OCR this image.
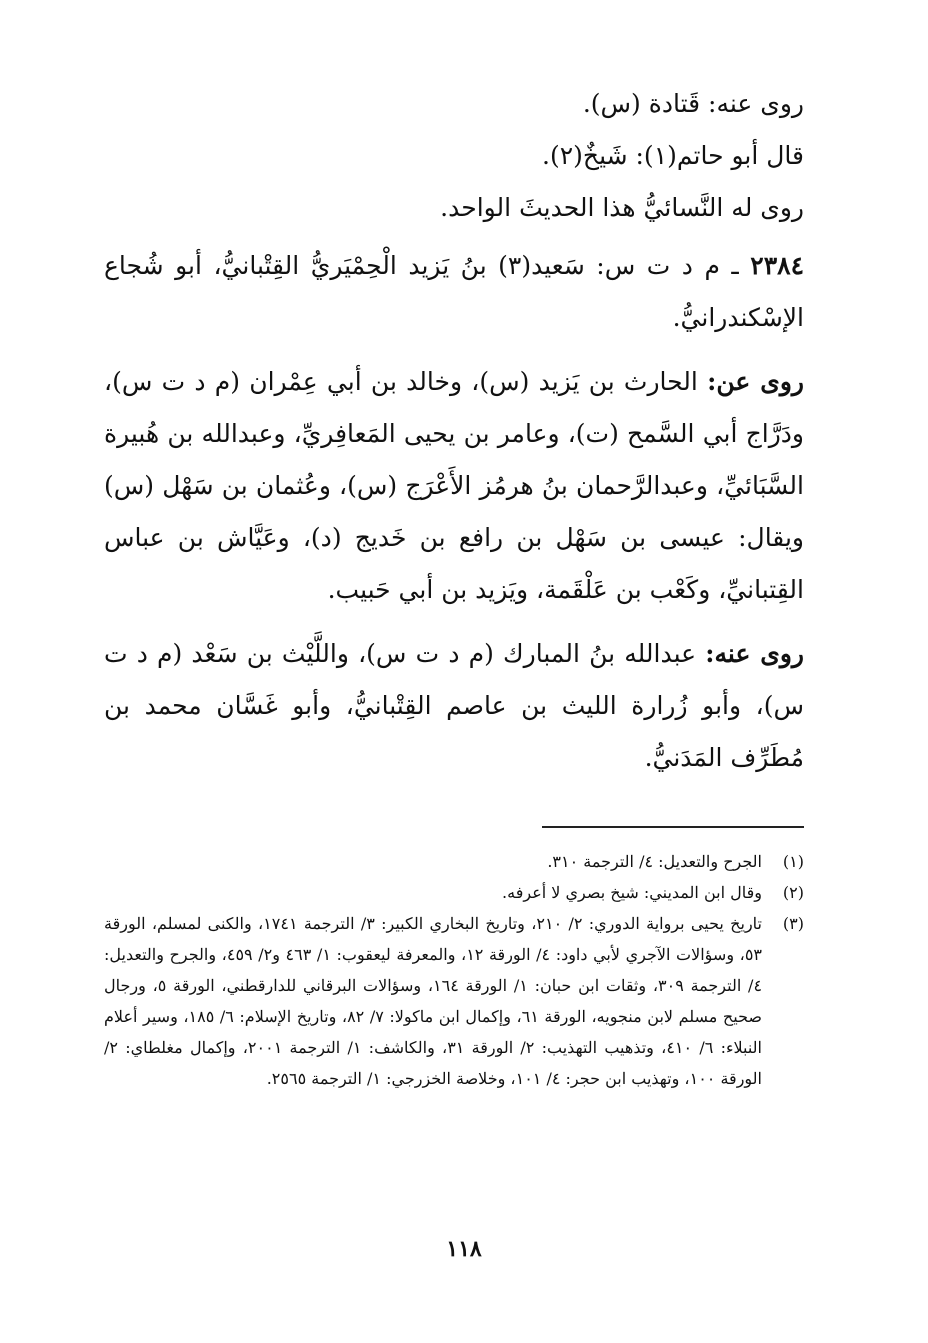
روى عنه: قَتادة (س).

قال أبو حاتم(١): شَيخٌ(٢).

روى له النَّسائيُّ هذا الحديثَ الواحد.

٢٣٨٤ ـ م د ت س: سَعيد(٣) بنُ يَزيد الْحِمْيَريُّ القِتْبانيُّ، أبو شُجاع الإسْكندرانيُّ.

روى عن: الحارث بن يَزيد (س)، وخالد بن أبي عِمْران (م د ت س)، ودَرَّاج أبي السَّمح (ت)، وعامر بن يحيى المَعافِريِّ، وعبدالله بن هُبيرة السَّبَائيِّ، وعبدالرَّحمان بنُ هرمُز الأَعْرَج (س)، وعُثمان بن سَهْل (س) ويقال: عيسى بن سَهْل بن رافع بن خَديج (د)، وعَيَّاش بن عباس القِتبانيِّ، وكَعْب بن عَلْقَمة، ويَزيد بن أبي حَبيب.

روى عنه: عبدالله بنُ المبارك (م د ت س)، واللَّيْث بن سَعْد (م د ت س)، وأبو زُرارة الليث بن عاصم القِتْبانيُّ، وأبو غَسَّان محمد بن مُطَرِّف المَدَنيُّ.

(١)
الجرح والتعديل: ٤/ الترجمة ٣١٠.
(٢)
وقال ابن المديني: شيخ بصري لا أعرفه.
(٣)
تاريخ يحيى برواية الدوري: ٢/ ٢١٠، وتاريخ البخاري الكبير: ٣/ الترجمة ١٧٤١، والكنى لمسلم، الورقة ٥٣، وسؤالات الآجري لأبي داود: ٤/ الورقة ١٢، والمعرفة ليعقوب: ١/ ٤٦٣ و٢/ ٤٥٩، والجرح والتعديل: ٤/ الترجمة ٣٠٩، وثقات ابن حبان: ١/ الورقة ١٦٤، وسؤالات البرقاني للدارقطني، الورقة ٥، ورجال صحيح مسلم لابن منجويه، الورقة ٦١، وإكمال ابن ماكولا: ٧/ ٨٢، وتاريخ الإسلام: ٦/ ١٨٥، وسير أعلام النبلاء: ٦/ ٤١٠، وتذهيب التهذيب: ٢/ الورقة ٣١، والكاشف: ١/ الترجمة ٢٠٠١، وإكمال مغلطاي: ٢/ الورقة ١٠٠، وتهذيب ابن حجر: ٤/ ١٠١، وخلاصة الخزرجي: ١/ الترجمة ٢٥٦٥.
١١٨
